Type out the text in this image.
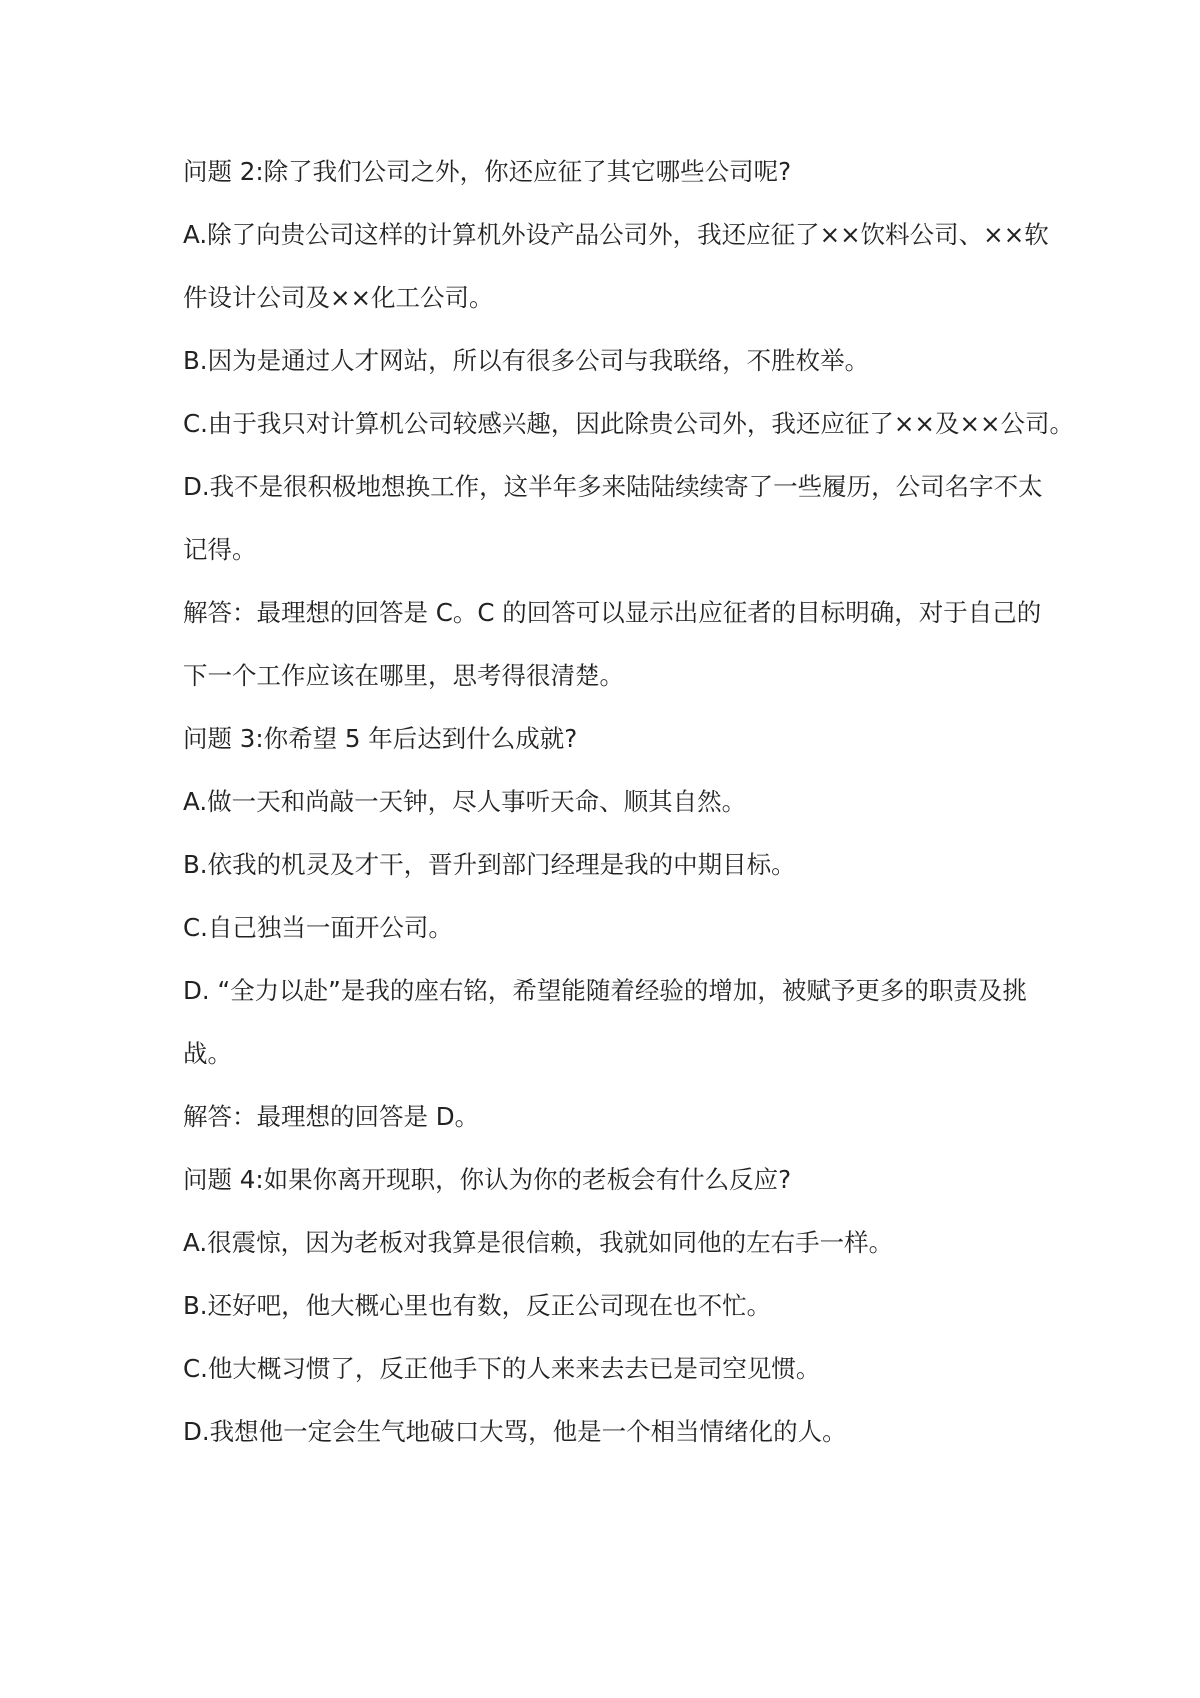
问题 2:除了我们公司之外，你还应征了其它哪些公司呢?
A.除了向贵公司这样的计算机外设产品公司外，我还应征了××饮料公司、××软
件设计公司及××化工公司。
B.因为是通过人才网站，所以有很多公司与我联络，不胜枚举。
C.由于我只对计算机公司较感兴趣，因此除贵公司外，我还应征了××及××公司。
D.我不是很积极地想换工作，这半年多来陆陆续续寄了一些履历，公司名字不太
记得。
解答：最理想的回答是 C。C 的回答可以显示出应征者的目标明确，对于自己的
下一个工作应该在哪里，思考得很清楚。
问题 3:你希望 5 年后达到什么成就?
A.做一天和尚敲一天钟，尽人事听天命、顺其自然。
B.依我的机灵及才干，晋升到部门经理是我的中期目标。
C.自己独当一面开公司。
D. “全力以赴”是我的座右铭，希望能随着经验的增加，被赋予更多的职责及挑
战。
解答：最理想的回答是 D。
问题 4:如果你离开现职，你认为你的老板会有什么反应?
A.很震惊，因为老板对我算是很信赖，我就如同他的左右手一样。
B.还好吧，他大概心里也有数，反正公司现在也不忙。
C.他大概习惯了，反正他手下的人来来去去已是司空见惯。
D.我想他一定会生气地破口大骂，他是一个相当情绪化的人。
